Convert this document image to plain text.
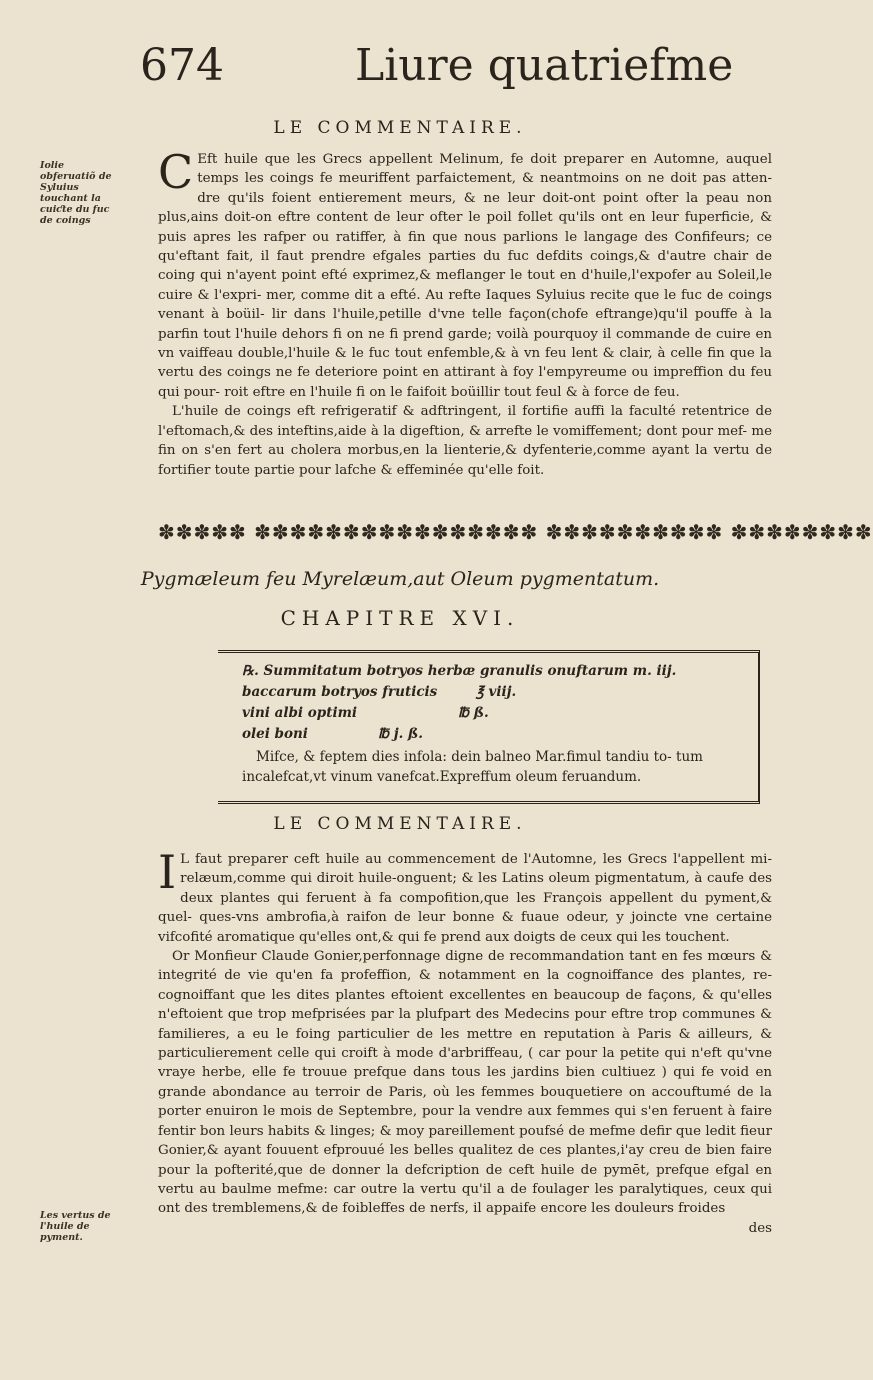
674	Liure quatriefme
LE COMMENTAIRE.
Iolie obferuatiõ de Syluius touchant la cuiƈte du fuc de coings

C Eft huile que les Grecs appellent Melinum, fe doit preparer en Automne, auquel temps les coings fe meuriffent parfaictement, & neantmoins on ne doit pas atten- dre qu'ils foient entierement meurs, & ne leur doit-ont point ofter la peau non plus,ains doit-on eftre content de leur ofter le poil follet qu'ils ont en leur fuperficie, & puis apres les rafper ou ratiffer, à fin que nous parlions le langage des Confifeurs; ce qu'eftant fait, il faut prendre efgales parties du fuc defdits coings,& d'autre chair de coing qui n'ayent point efté exprimez,& meflanger le tout en d'huile,l'expofer au Soleil,le cuire & l'expri- mer, comme dit a efté. Au refte Iaques Syluius recite que le fuc de coings venant à boüil- lir dans l'huile,petille d'vne telle façon(chofe eftrange)qu'il pouffe à la parfin tout l'huile dehors fi on ne fi prend garde; voilà pourquoy il commande de cuire en vn vaiffeau double,l'huile & le fuc tout enfemble,& à vn feu lent & clair, à celle fin que la vertu des coings ne fe deteriore point en attirant à foy l'empyreume ou impreffion du feu qui pour- roit eftre en l'huile fi on le faifoit boüillir tout feul & à force de feu.

L'huile de coings eft refrigeratif & adftringent, il fortifie auffi la faculté retentrice de l'eftomach,& des inteftins,aide à la digeftion, & arrefte le vomiffement; dont pour mef- me fin on s'en fert au cholera morbus,en la lienterie,& dyfenterie,comme ayant la vertu de fortifier toute partie pour lafche & effeminée qu'elle foit.

✽✽✽✽✽ ✽✽✽✽✽✽✽✽✽✽✽✽✽✽✽✽ ✽✽✽✽✽✽✽✽✽✽ ✽✽✽✽✽✽✽✽
Pygmæleum feu Myrelæum,aut Oleum pygmentatum.
CHAPITRE XVI.
℞. Summitatum botryos herbæ granulis onuftarum m. iij.
baccarum botryos fruticis	℥ viij.
vini albi optimi	℔ ß.
olei boni	℔ j. ß.
Mifce, & feptem dies infola: dein balneo Mar.fimul tandiu to- tum incalefcat,vt vinum vanefcat.Expreffum oleum feruandum.
LE COMMENTAIRE.

I L faut preparer ceft huile au commencement de l'Automne, les Grecs l'appellent mi- relæum,comme qui diroit huile-onguent; & les Latins oleum pigmentatum, à caufe des deux plantes qui feruent à fa compofition,que les François appellent du pyment,& quel- ques-vns ambrofia,à raifon de leur bonne & fuaue odeur, y joincte vne certaine vifcofité aromatique qu'elles ont,& qui fe prend aux doigts de ceux qui les touchent.

Or Monfieur Claude Gonier,perfonnage digne de recommandation tant en fes mœurs & integrité de vie qu'en fa profeffion, & notamment en la cognoiffance des plantes, re- cognoiffant que les dites plantes eftoient excellentes en beaucoup de façons, & qu'elles n'eftoient que trop mefprisées par la plufpart des Medecins pour eftre trop communes & familieres, a eu le foing particulier de les mettre en reputation à Paris & ailleurs, & particulierement celle qui croift à mode d'arbriffeau, ( car pour la petite qui n'eft qu'vne vraye herbe, elle fe trouue prefque dans tous les jardins bien cultiuez ) qui fe void en grande abondance au terroir de Paris, où les femmes bouquetiere on accouftumé de la porter enuiron le mois de Septembre, pour la vendre aux femmes qui s'en feruent à faire fentir bon leurs habits & linges; & moy pareillement poufsé de mefme defir que ledit fieur Gonier,& ayant fouuent efprouué les belles qualitez de ces plantes,i'ay creu de bien faire pour la pofterité,que de donner la defcription de ceft huile de pymēt, prefque efgal en vertu au baulme mefme: car outre la vertu qu'il a de foulager les paralytiques, ceux qui ont des tremblemens,& de foibleffes de nerfs, il appaife encore les douleurs froides

des

Les vertus de l'huile de pyment.
